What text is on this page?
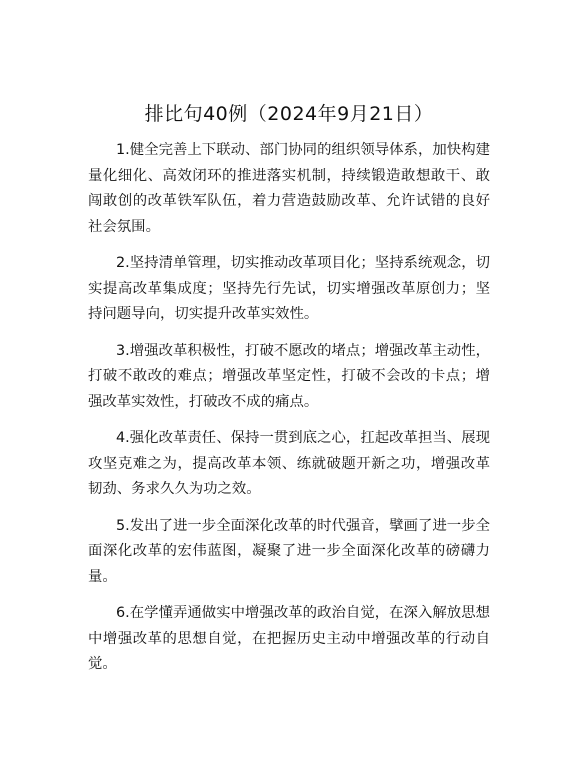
排比句40例（2024年9月21日）

1.健全完善上下联动、部门协同的组织领导体系，加快构建量化细化、高效闭环的推进落实机制，持续锻造敢想敢干、敢闯敢创的改革铁军队伍，着力营造鼓励改革、允许试错的良好社会氛围。

2.坚持清单管理，切实推动改革项目化；坚持系统观念，切实提高改革集成度；坚持先行先试，切实增强改革原创力；坚持问题导向，切实提升改革实效性。

3.增强改革积极性，打破不愿改的堵点；增强改革主动性，打破不敢改的难点；增强改革坚定性，打破不会改的卡点；增强改革实效性，打破改不成的痛点。

4.强化改革责任、保持一贯到底之心，扛起改革担当、展现攻坚克难之为，提高改革本领、练就破题开新之功，增强改革韧劲、务求久久为功之效。

5.发出了进一步全面深化改革的时代强音，擘画了进一步全面深化改革的宏伟蓝图，凝聚了进一步全面深化改革的磅礴力量。

6.在学懂弄通做实中增强改革的政治自觉，在深入解放思想中增强改革的思想自觉，在把握历史主动中增强改革的行动自觉。
